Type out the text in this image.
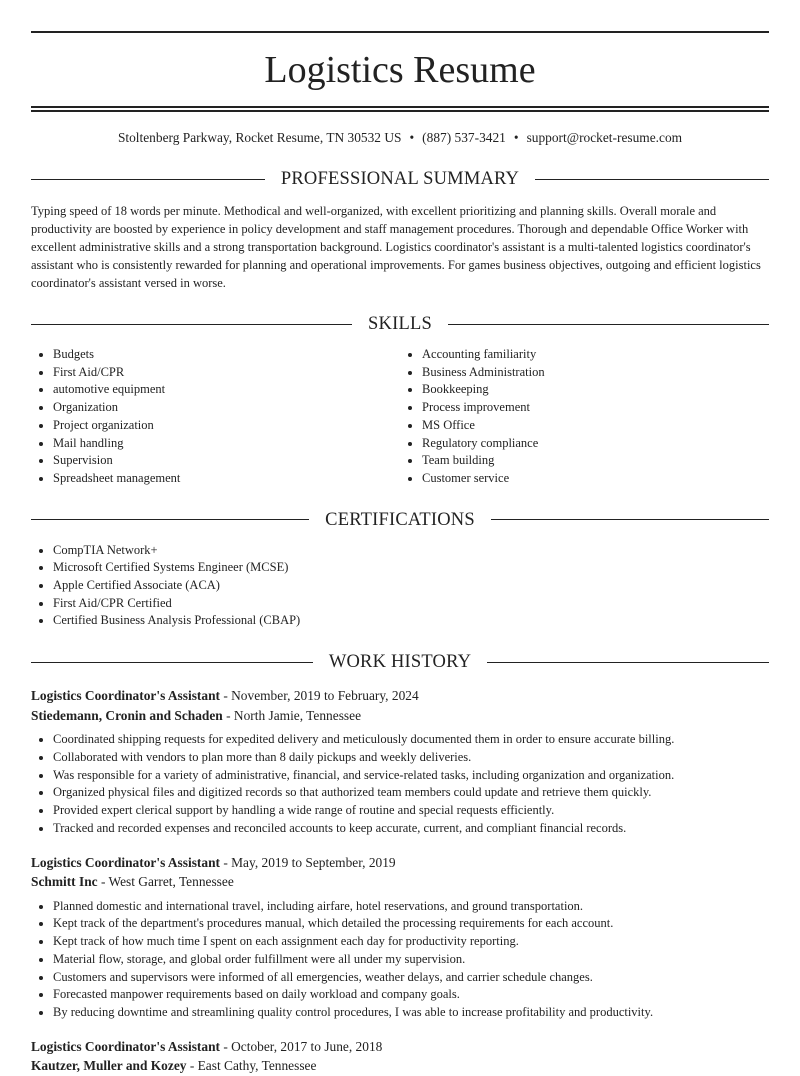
Logistics Resume
Stoltenberg Parkway, Rocket Resume, TN 30532 US • (887) 537-3421 • support@rocket-resume.com
PROFESSIONAL SUMMARY
Typing speed of 18 words per minute. Methodical and well-organized, with excellent prioritizing and planning skills. Overall morale and productivity are boosted by experience in policy development and staff management procedures. Thorough and dependable Office Worker with excellent administrative skills and a strong transportation background. Logistics coordinator's assistant is a multi-talented logistics coordinator's assistant who is consistently rewarded for planning and operational improvements. For games business objectives, outgoing and efficient logistics coordinator's assistant versed in worse.
SKILLS
• Budgets
• First Aid/CPR
• automotive equipment
• Organization
• Project organization
• Mail handling
• Supervision
• Spreadsheet management
• Accounting familiarity
• Business Administration
• Bookkeeping
• Process improvement
• MS Office
• Regulatory compliance
• Team building
• Customer service
CERTIFICATIONS
• CompTIA Network+
• Microsoft Certified Systems Engineer (MCSE)
• Apple Certified Associate (ACA)
• First Aid/CPR Certified
• Certified Business Analysis Professional (CBAP)
WORK HISTORY
Logistics Coordinator's Assistant - November, 2019 to February, 2024
Stiedemann, Cronin and Schaden - North Jamie, Tennessee
• Coordinated shipping requests for expedited delivery and meticulously documented them in order to ensure accurate billing.
• Collaborated with vendors to plan more than 8 daily pickups and weekly deliveries.
• Was responsible for a variety of administrative, financial, and service-related tasks, including organization and organization.
• Organized physical files and digitized records so that authorized team members could update and retrieve them quickly.
• Provided expert clerical support by handling a wide range of routine and special requests efficiently.
• Tracked and recorded expenses and reconciled accounts to keep accurate, current, and compliant financial records.
Logistics Coordinator's Assistant - May, 2019 to September, 2019
Schmitt Inc - West Garret, Tennessee
• Planned domestic and international travel, including airfare, hotel reservations, and ground transportation.
• Kept track of the department's procedures manual, which detailed the processing requirements for each account.
• Kept track of how much time I spent on each assignment each day for productivity reporting.
• Material flow, storage, and global order fulfillment were all under my supervision.
• Customers and supervisors were informed of all emergencies, weather delays, and carrier schedule changes.
• Forecasted manpower requirements based on daily workload and company goals.
• By reducing downtime and streamlining quality control procedures, I was able to increase profitability and productivity.
Logistics Coordinator's Assistant - October, 2017 to June, 2018
Kautzer, Muller and Kozey - East Cathy, Tennessee
